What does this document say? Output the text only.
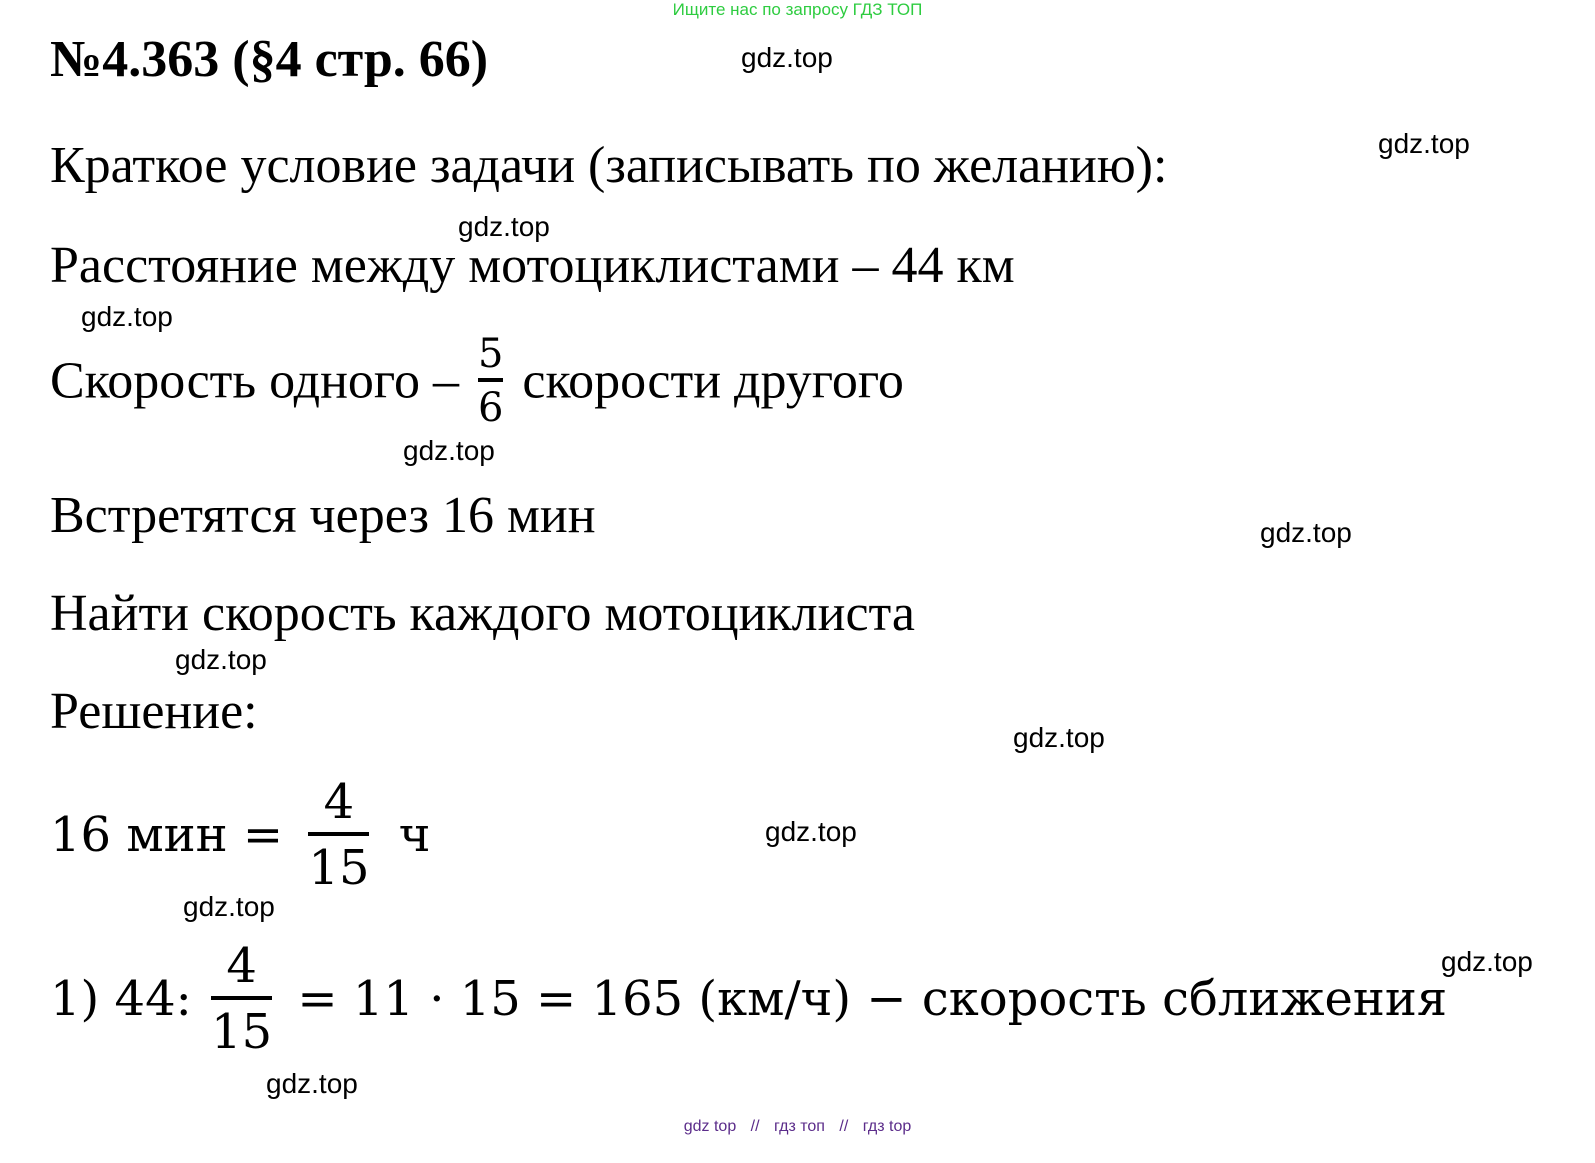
Ищите нас по запросу ГДЗ ТОП
№4.363 (§4 стр. 66)
Краткое условие задачи (записывать по желанию):
Расстояние между мотоциклистами – 44 км
Скорость одного – $\frac{5}{6}$ скорости другого
Встретятся через 16 мин
Найти скорость каждого мотоциклиста
Решение:
16 мин = $\frac{4}{15}$ ч
1) 44: $\frac{4}{15} = 11 \cdot 15 = 165$ (км/ч) − скорость сближения
gdz.top
gdz.top
gdz.top
gdz.top
gdz.top
gdz.top
gdz.top
gdz.top
gdz.top
gdz.top
gdz.top
gdz.top
gdz top // гдз топ // гдз top
